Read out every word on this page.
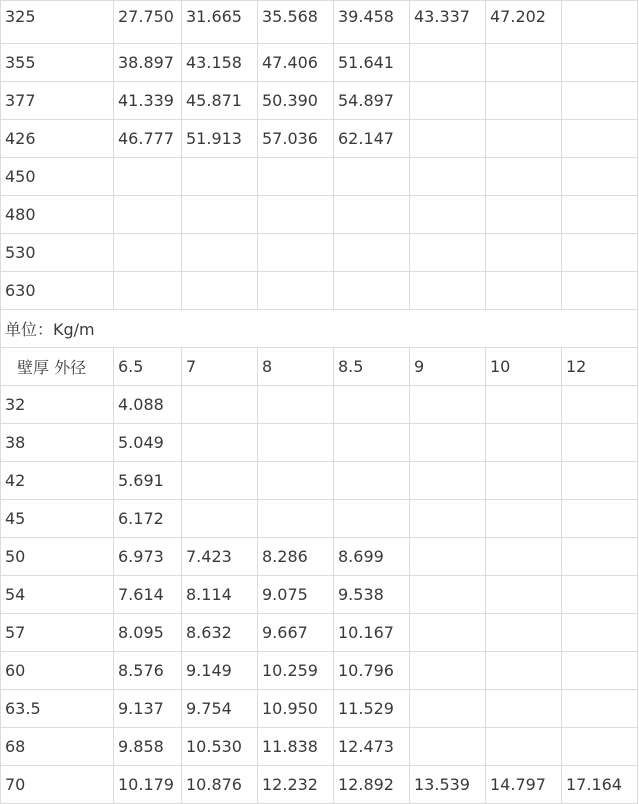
325	27.750	31.665	35.568	39.458	43.337	47.202	
355	38.897	43.158	47.406	51.641			
377	41.339	45.871	50.390	54.897			
426	46.777	51.913	57.036	62.147			
450							
480							
530							
630							
单位：Kg/m							
壁厚 外径	6.5	7	8	8.5	9	10	12
32	4.088						
38	5.049						
42	5.691						
45	6.172						
50	6.973	7.423	8.286	8.699			
54	7.614	8.114	9.075	9.538			
57	8.095	8.632	9.667	10.167			
60	8.576	9.149	10.259	10.796			
63.5	9.137	9.754	10.950	11.529			
68	9.858	10.530	11.838	12.473			
70	10.179	10.876	12.232	12.892	13.539	14.797	17.164
